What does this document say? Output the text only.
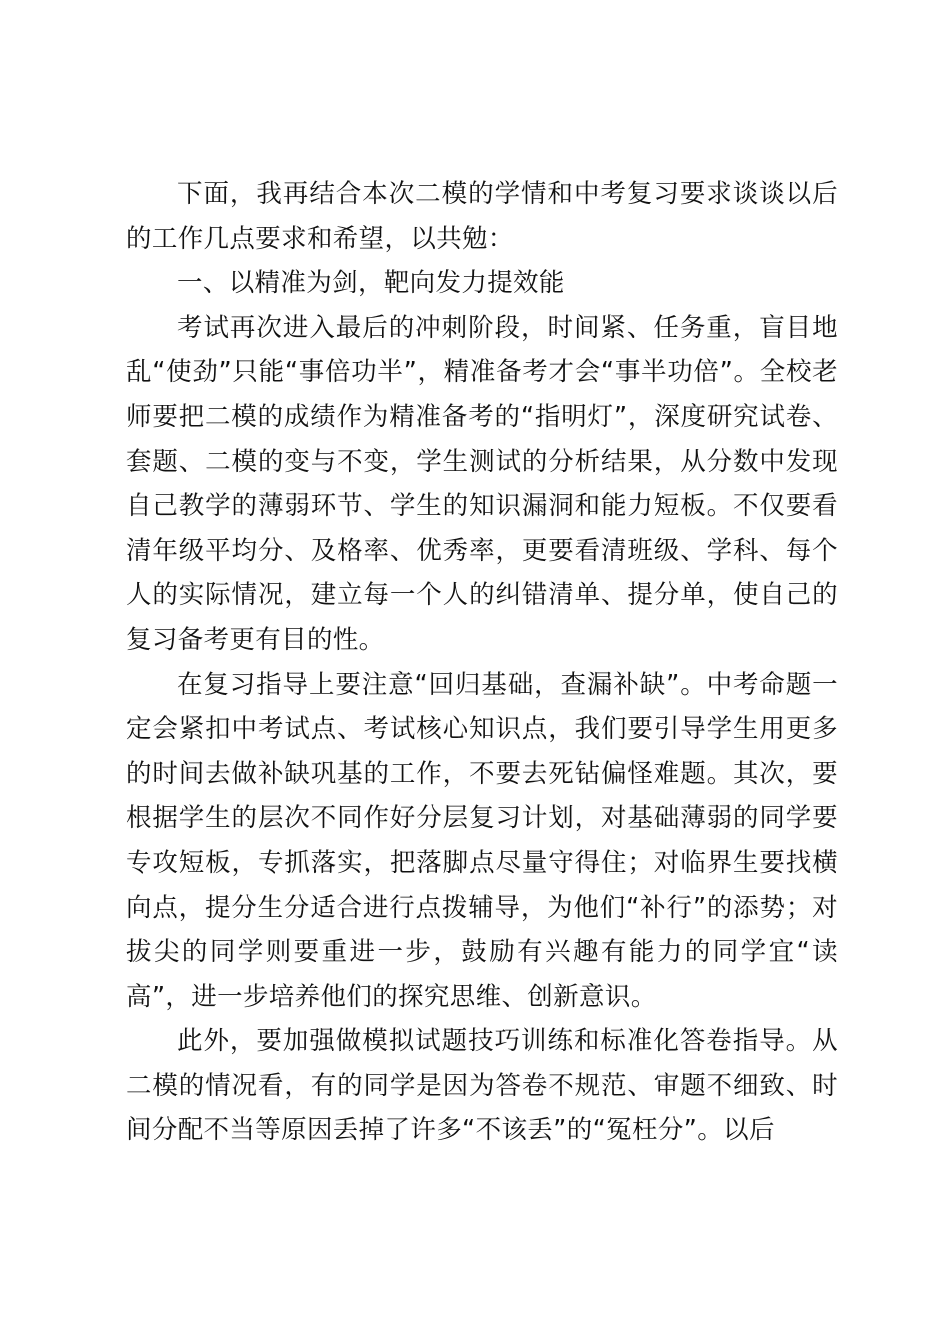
下面，我再结合本次二模的学情和中考复习要求谈谈以后的工作几点要求和希望，以共勉：

一、以精准为剑，靶向发力提效能

考试再次进入最后的冲刺阶段，时间紧、任务重，盲目地乱“使劲”只能“事倍功半”，精准备考才会“事半功倍”。全校老师要把二模的成绩作为精准备考的“指明灯”，深度研究试卷、套题、二模的变与不变，学生测试的分析结果，从分数中发现自己教学的薄弱环节、学生的知识漏洞和能力短板。不仅要看清年级平均分、及格率、优秀率，更要看清班级、学科、每个人的实际情况，建立每一个人的纠错清单、提分单，使自己的复习备考更有目的性。

在复习指导上要注意“回归基础，查漏补缺”。中考命题一定会紧扣中考试点、考试核心知识点，我们要引导学生用更多的时间去做补缺巩基的工作，不要去死钻偏怪难题。其次，要根据学生的层次不同作好分层复习计划，对基础薄弱的同学要专攻短板，专抓落实，把落脚点尽量守得住；对临界生要找横向点，提分生分适合进行点拨辅导，为他们“补行”的添势；对拔尖的同学则要重进一步，鼓励有兴趣有能力的同学宜“读高”，进一步培养他们的探究思维、创新意识。

此外，要加强做模拟试题技巧训练和标准化答卷指导。从二模的情况看，有的同学是因为答卷不规范、审题不细致、时间分配不当等原因丢掉了许多“不该丢”的“冤枉分”。以后
